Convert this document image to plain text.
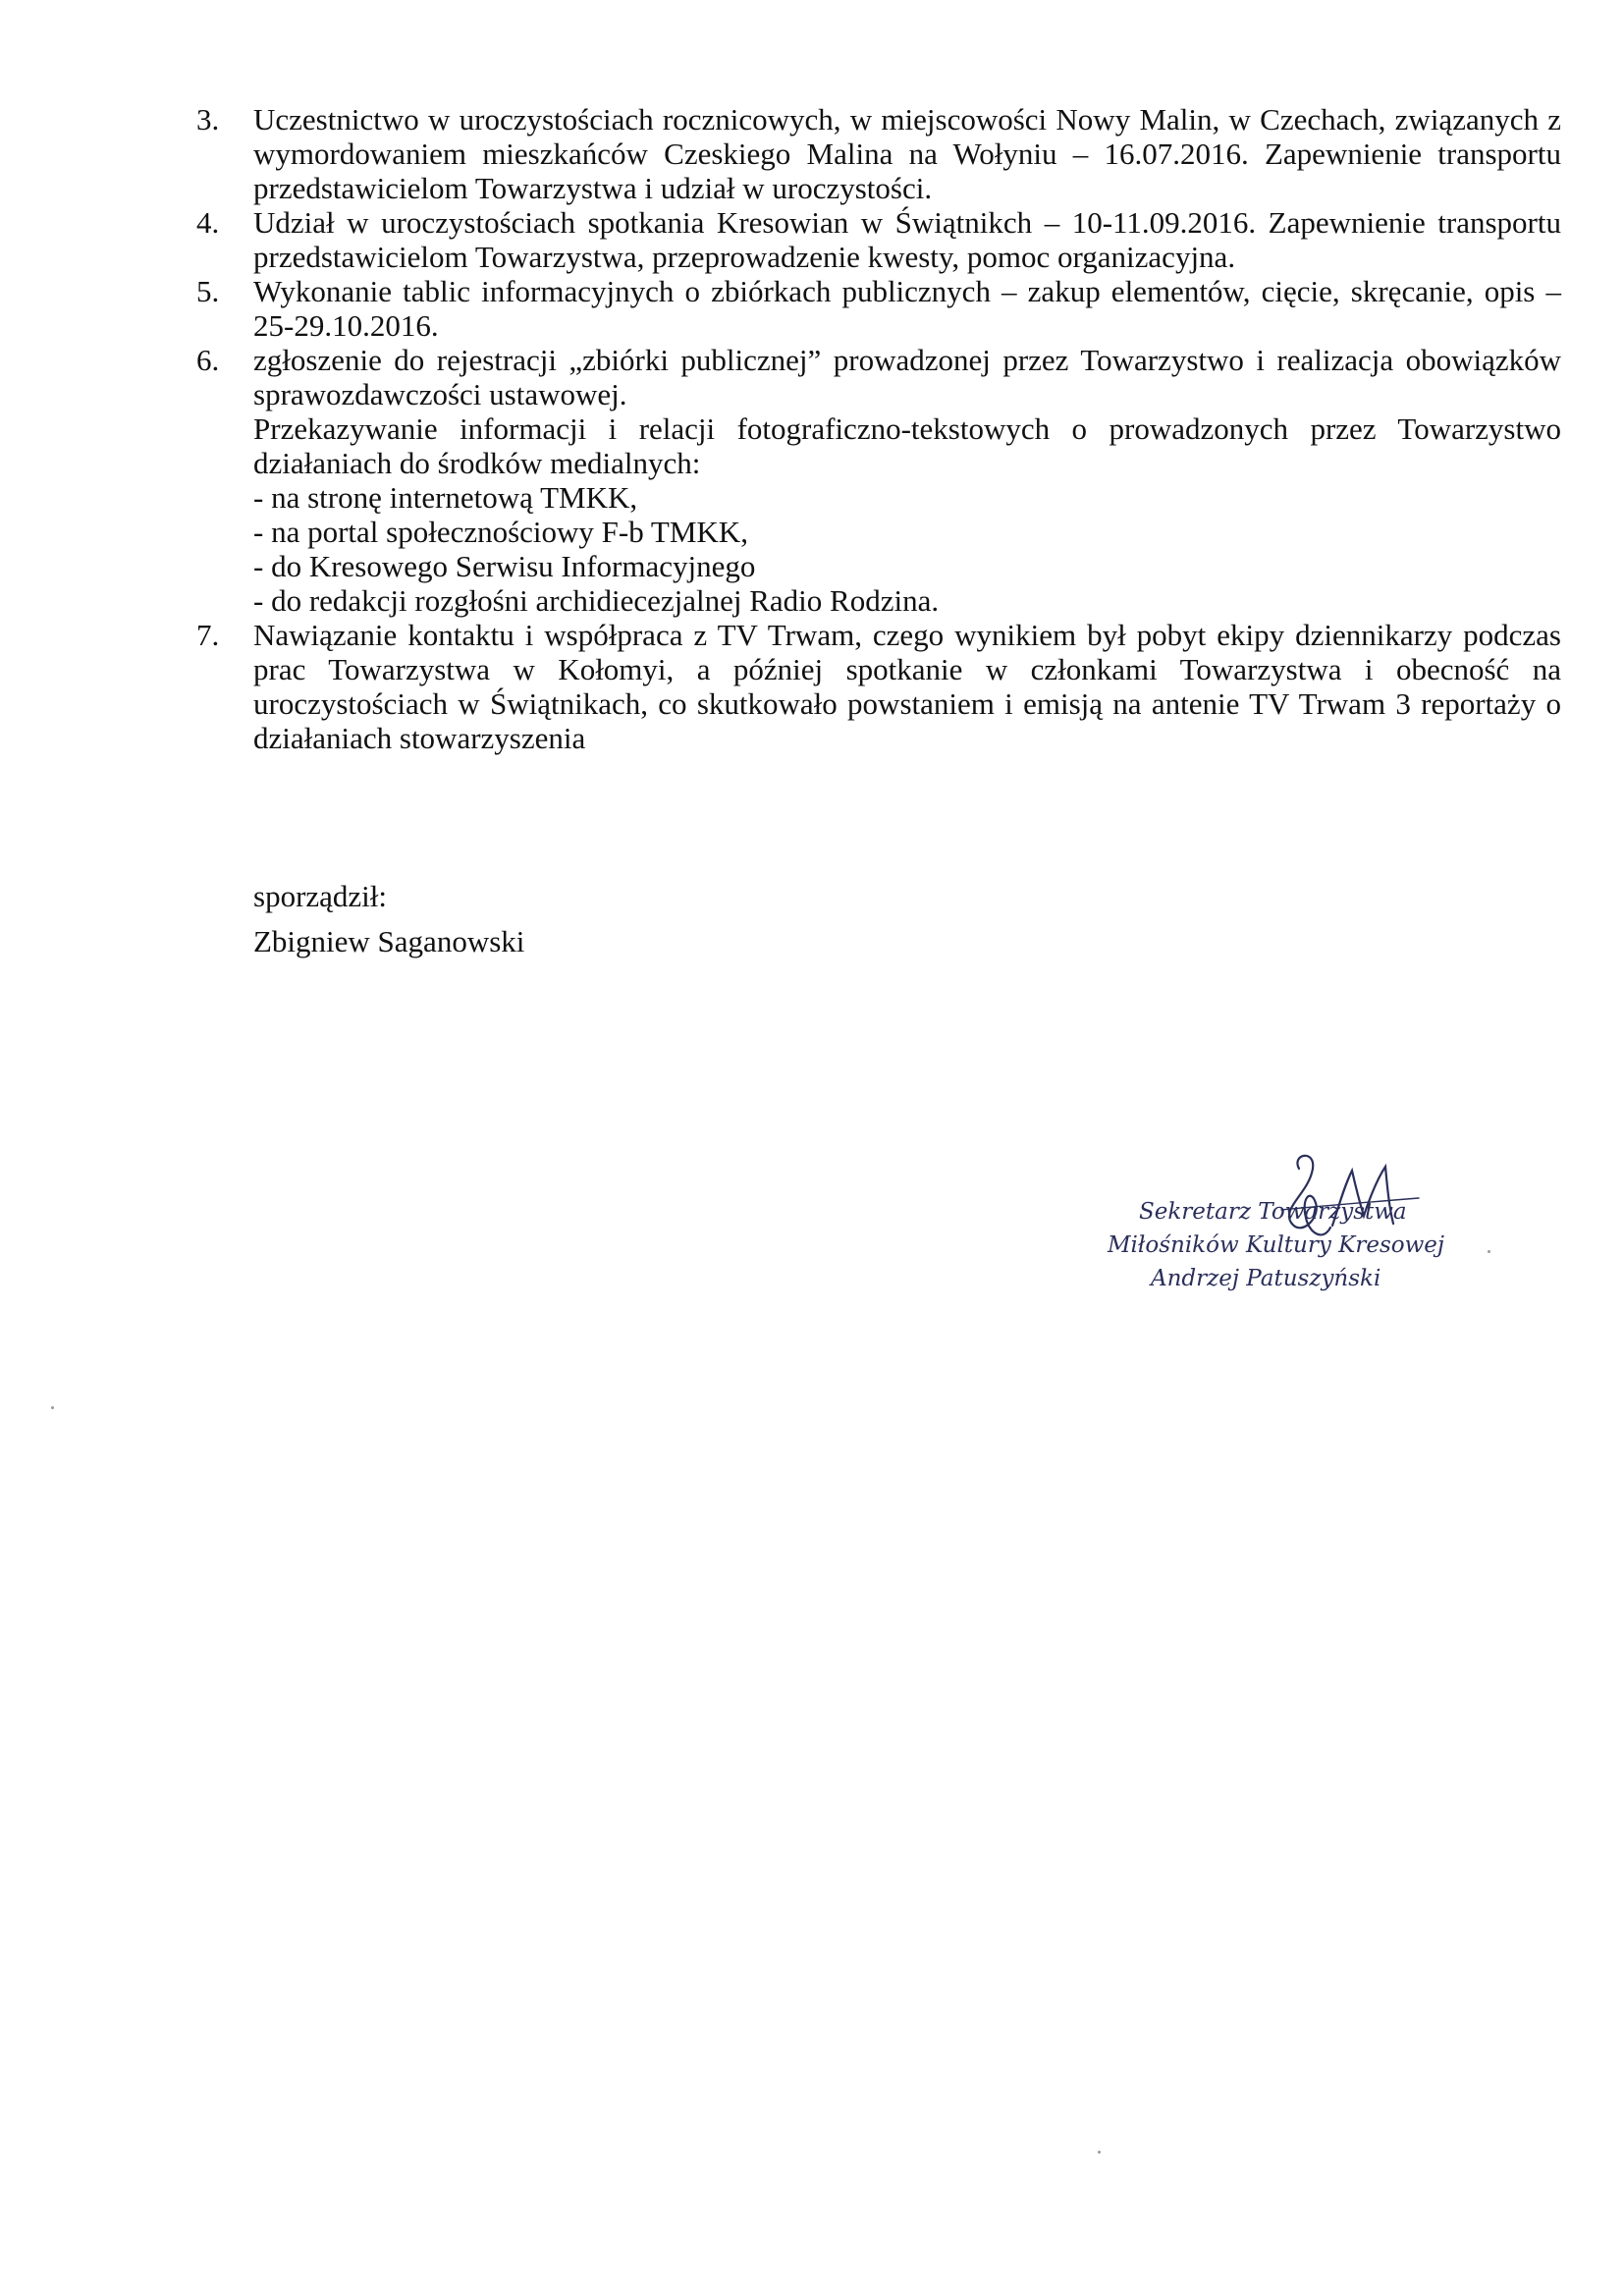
3.	Uczestnictwo w uroczystościach rocznicowych, w miejscowości Nowy Malin, w Czechach, związanych z wymordowaniem mieszkańców Czeskiego Malina na Wołyniu – 16.07.2016. Zapewnienie transportu przedstawicielom Towarzystwa i udział w uroczystości.

4.	Udział w uroczystościach spotkania Kresowian w Świątnikch – 10-11.09.2016. Zapewnienie transportu przedstawicielom Towarzystwa, przeprowadzenie kwesty, pomoc organizacyjna.

5.	Wykonanie tablic informacyjnych o zbiórkach publicznych – zakup elementów, cięcie, skręcanie, opis – 25-29.10.2016.

6.	zgłoszenie do rejestracji „zbiórki publicznej” prowadzonej przez Towarzystwo i realizacja obowiązków sprawozdawczości ustawowej.

Przekazywanie informacji i relacji fotograficzno-tekstowych o prowadzonych przez Towarzystwo działaniach do środków medialnych:

- na stronę internetową TMKK,
- na portal społecznościowy F-b TMKK,
- do Kresowego Serwisu Informacyjnego
- do redakcji rozgłośni archidiecezjalnej Radio Rodzina.
7.	Nawiązanie kontaktu i współpraca z TV Trwam, czego wynikiem był pobyt ekipy dziennikarzy podczas prac Towarzystwa w Kołomyi, a później spotkanie w członkami Towarzystwa i obecność na uroczystościach w Świątnikach, co skutkowało powstaniem i emisją na antenie TV Trwam 3 reportaży o działaniach stowarzyszenia

sporządził:
Zbigniew Saganowski
Sekretarz Towarzystwa
Miłośników Kultury Kresowej
Andrzej Patuszyński
